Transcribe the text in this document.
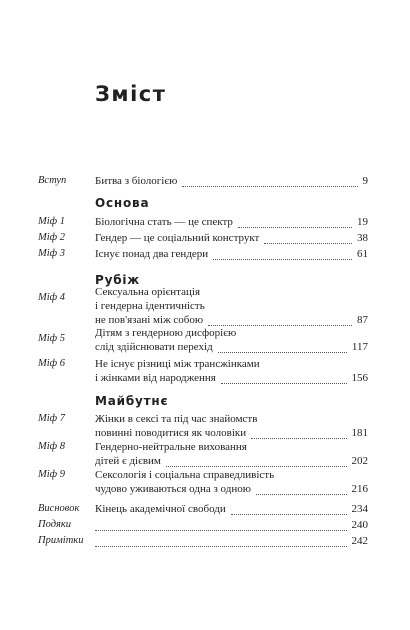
Зміст
Вступ	Битва з біологією	9
Основа
Міф 1	Біологічна стать — це спектр	19
Міф 2	Гендер — це соціальний конструкт	38
Міф 3	Існує понад два гендери	61
Рубіж
Міф 4	Сексуальна орієнтація
і гендерна ідентичність
не пов'язані між собою	87
Міф 5	Дітям з гендерною дисфорією
слід здійснювати перехід	117
Міф 6	Не існує різниці між трансжінками
і жінками від народження	156
Майбутнє
Міф 7	Жінки в сексі та під час знайомств
повинні поводитися як чоловіки	181
Міф 8	Гендерно-нейтральне виховання
дітей є дієвим	202
Міф 9	Сексологія і соціальна справедливість
чудово уживаються одна з одною	216
Висновок Кінець академічної свободи	234
Подяки	240
Примітки	242
